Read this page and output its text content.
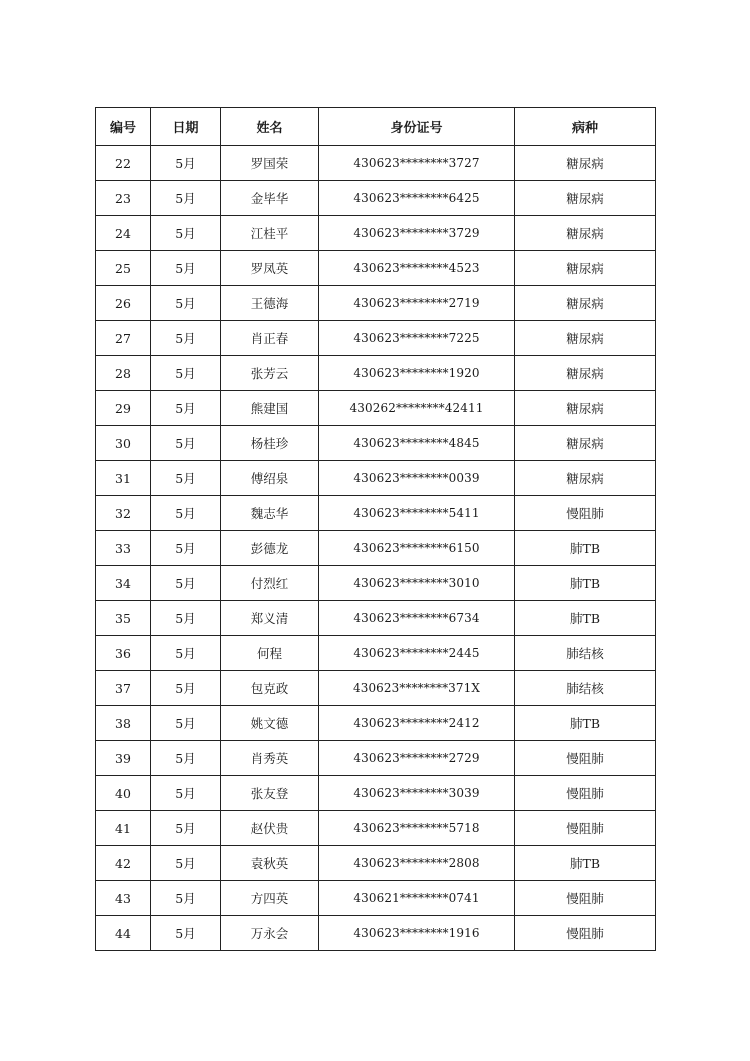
编号	日期	姓名	身份证号	病种
22	5月	罗国荣	430623********3727	糖尿病
23	5月	金毕华	430623********6425	糖尿病
24	5月	江桂平	430623********3729	糖尿病
25	5月	罗凤英	430623********4523	糖尿病
26	5月	王德海	430623********2719	糖尿病
27	5月	肖正春	430623********7225	糖尿病
28	5月	张芳云	430623********1920	糖尿病
29	5月	熊建国	430262********42411	糖尿病
30	5月	杨桂珍	430623********4845	糖尿病
31	5月	傅绍泉	430623********0039	糖尿病
32	5月	魏志华	430623********5411	慢阻肺
33	5月	彭德龙	430623********6150	肺TB
34	5月	付烈红	430623********3010	肺TB
35	5月	郑义清	430623********6734	肺TB
36	5月	何程	430623********2445	肺结核
37	5月	包克政	430623********371X	肺结核
38	5月	姚文德	430623********2412	肺TB
39	5月	肖秀英	430623********2729	慢阻肺
40	5月	张友登	430623********3039	慢阻肺
41	5月	赵伏贵	430623********5718	慢阻肺
42	5月	袁秋英	430623********2808	肺TB
43	5月	方四英	430621********0741	慢阻肺
44	5月	万永会	430623********1916	慢阻肺
